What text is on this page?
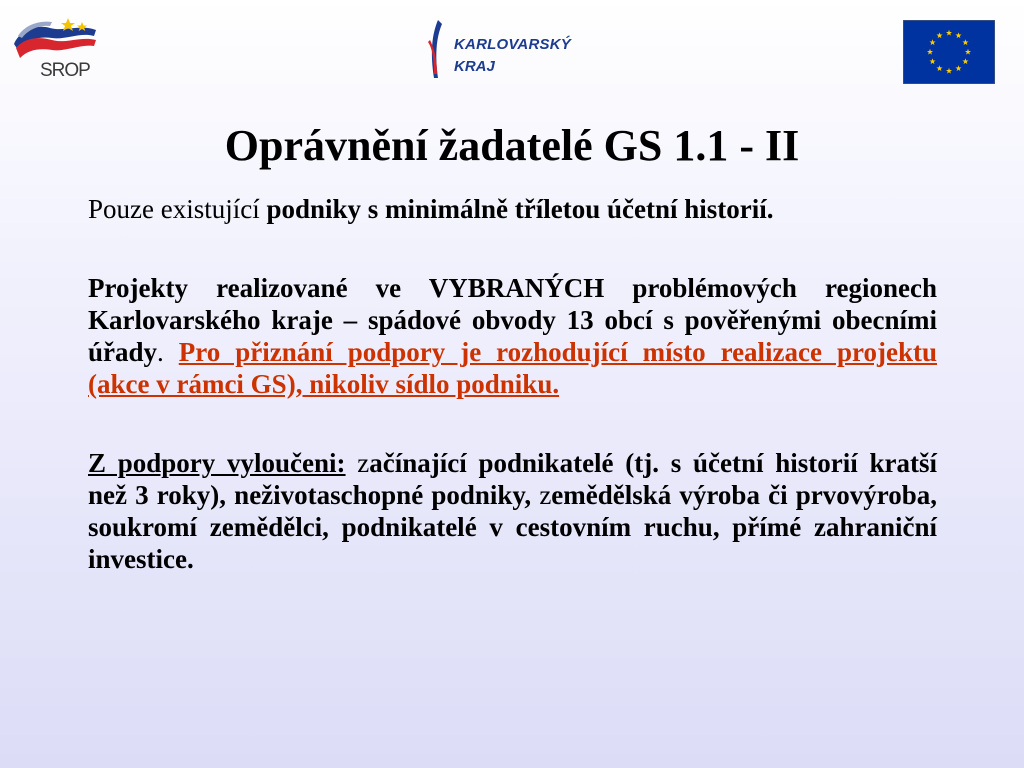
SROP
KARLOVARSKÝ
KRAJ
Oprávnění žadatelé GS 1.1 - II

Pouze existující podniky s minimálně tříletou účetní historií.

Projekty realizované ve VYBRANÝCH problémových regionech Karlovarského kraje – spádové obvody 13 obcí s pověřenými obecními úřady. Pro přiznání podpory je rozhodující místo realizace projektu (akce v rámci GS), nikoliv sídlo podniku.

Z podpory vyloučeni: začínající podnikatelé (tj. s účetní historií kratší než 3 roky), neživotaschopné podniky, zemědělská výroba či prvovýroba, soukromí zemědělci, podnikatelé v cestovním ruchu, přímé zahraniční investice.
